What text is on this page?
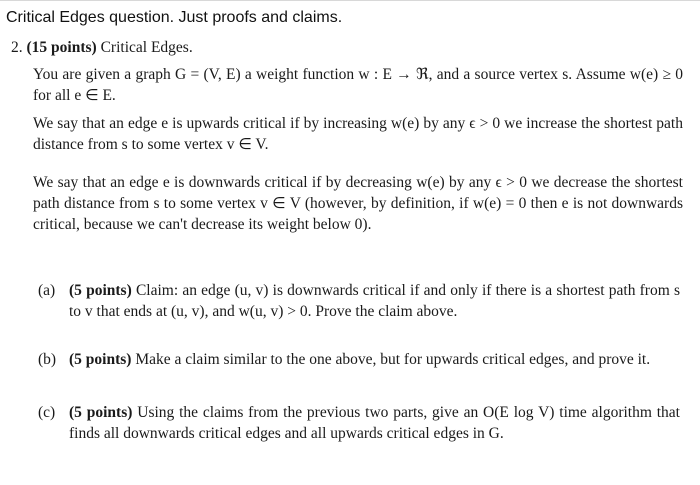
Critical Edges question. Just proofs and claims.
2. (15 points) Critical Edges.
You are given a graph G = (V, E) a weight function w : E → ℜ, and a source vertex s. Assume w(e) ≥ 0 for all e ∈ E.
We say that an edge e is upwards critical if by increasing w(e) by any ϵ > 0 we increase the shortest path distance from s to some vertex v ∈ V.
We say that an edge e is downwards critical if by decreasing w(e) by any ϵ > 0 we decrease the shortest path distance from s to some vertex v ∈ V (however, by definition, if w(e) = 0 then e is not downwards critical, because we can't decrease its weight below 0).
(a) (5 points) Claim: an edge (u, v) is downwards critical if and only if there is a shortest path from s to v that ends at (u, v), and w(u, v) > 0. Prove the claim above.
(b) (5 points) Make a claim similar to the one above, but for upwards critical edges, and prove it.
(c) (5 points) Using the claims from the previous two parts, give an O(E log V) time algorithm that finds all downwards critical edges and all upwards critical edges in G.
